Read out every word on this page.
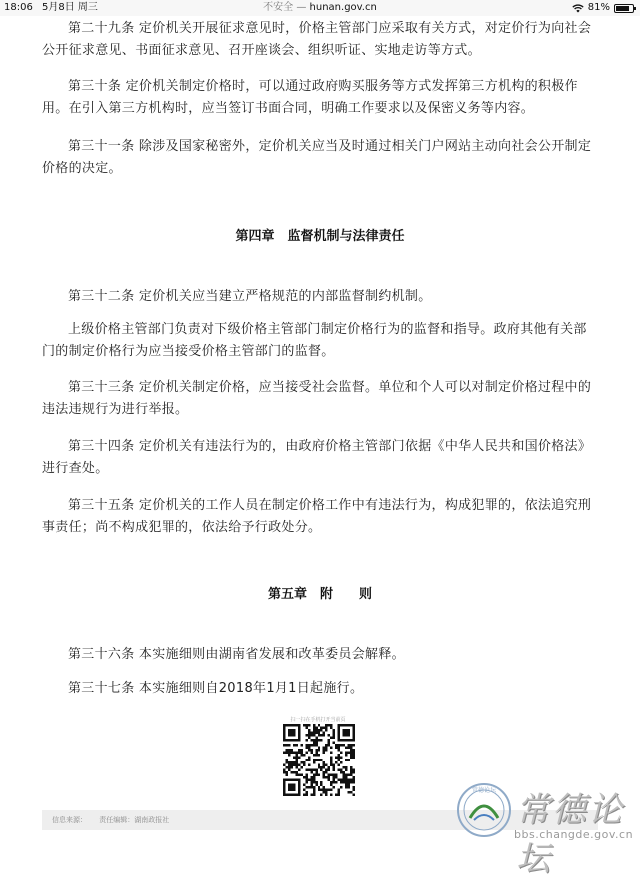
18:06 5月8日 周三	不安全 — hunan.gov.cn	81%

第二十九条 定价机关开展征求意见时，价格主管部门应采取有关方式，对定价行为向社会公开征求意见、书面征求意见、召开座谈会、组织听证、实地走访等方式。

第三十条 定价机关制定价格时，可以通过政府购买服务等方式发挥第三方机构的积极作用。在引入第三方机构时，应当签订书面合同，明确工作要求以及保密义务等内容。

第三十一条 除涉及国家秘密外，定价机关应当及时通过相关门户网站主动向社会公开制定价格的决定。

第四章　监督机制与法律责任

第三十二条 定价机关应当建立严格规范的内部监督制约机制。

上级价格主管部门负责对下级价格主管部门制定价格行为的监督和指导。政府其他有关部门的制定价格行为应当接受价格主管部门的监督。

第三十三条 定价机关制定价格，应当接受社会监督。单位和个人可以对制定价格过程中的违法违规行为进行举报。

第三十四条 定价机关有违法行为的，由政府价格主管部门依据《中华人民共和国价格法》进行查处。

第三十五条 定价机关的工作人员在制定价格工作中有违法行为，构成犯罪的，依法追究刑事责任；尚不构成犯罪的，依法给予行政处分。

第五章　附　　则

第三十六条 本实施细则由湖南省发展和改革委员会解释。

第三十七条 本实施细则自2018年1月1日起施行。

扫一扫在手机打开当前页
信息来源： 责任编辑：湖南政报社
常德论坛 常德论坛
bbs.changde.gov.cn
